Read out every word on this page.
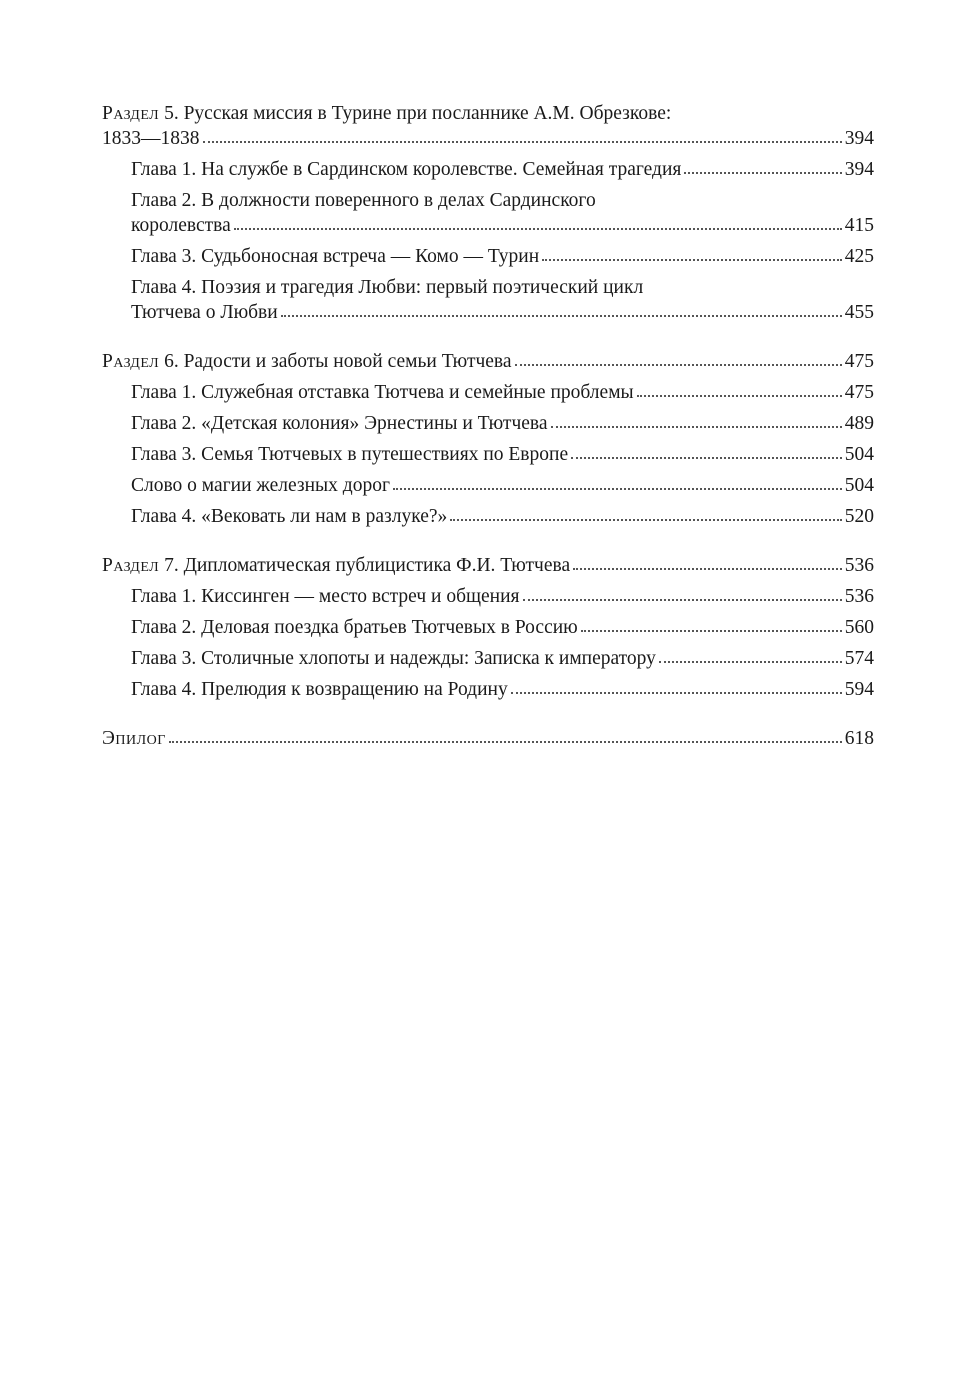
Раздел 5. Русская миссия в Турине при посланнике А.М. Обрезкове:
1833—1838	394
Глава 1. На службе в Сардинском королевстве. Семейная трагедия	394
Глава 2. В должности поверенного в делах Сардинского
королевства	415
Глава 3. Судьбоносная встреча — Комо — Турин	425
Глава 4. Поэзия и трагедия Любви: первый поэтический цикл
Тютчева о Любви	455
Раздел 6. Радости и заботы новой семьи Тютчева	475
Глава 1. Служебная отставка Тютчева и семейные проблемы	475
Глава 2. «Детская колония» Эрнестины и Тютчева	489
Глава 3. Семья Тютчевых в путешествиях по Европе	504
Слово о магии железных дорог	504
Глава 4. «Вековать ли нам в разлуке?»	520
Раздел 7. Дипломатическая публицистика Ф.И. Тютчева	536
Глава 1. Киссинген — место встреч и общения	536
Глава 2. Деловая поездка братьев Тютчевых в Россию	560
Глава 3. Столичные хлопоты и надежды: Записка к императору	574
Глава 4. Прелюдия к возвращению на Родину	594
Эпилог	618
